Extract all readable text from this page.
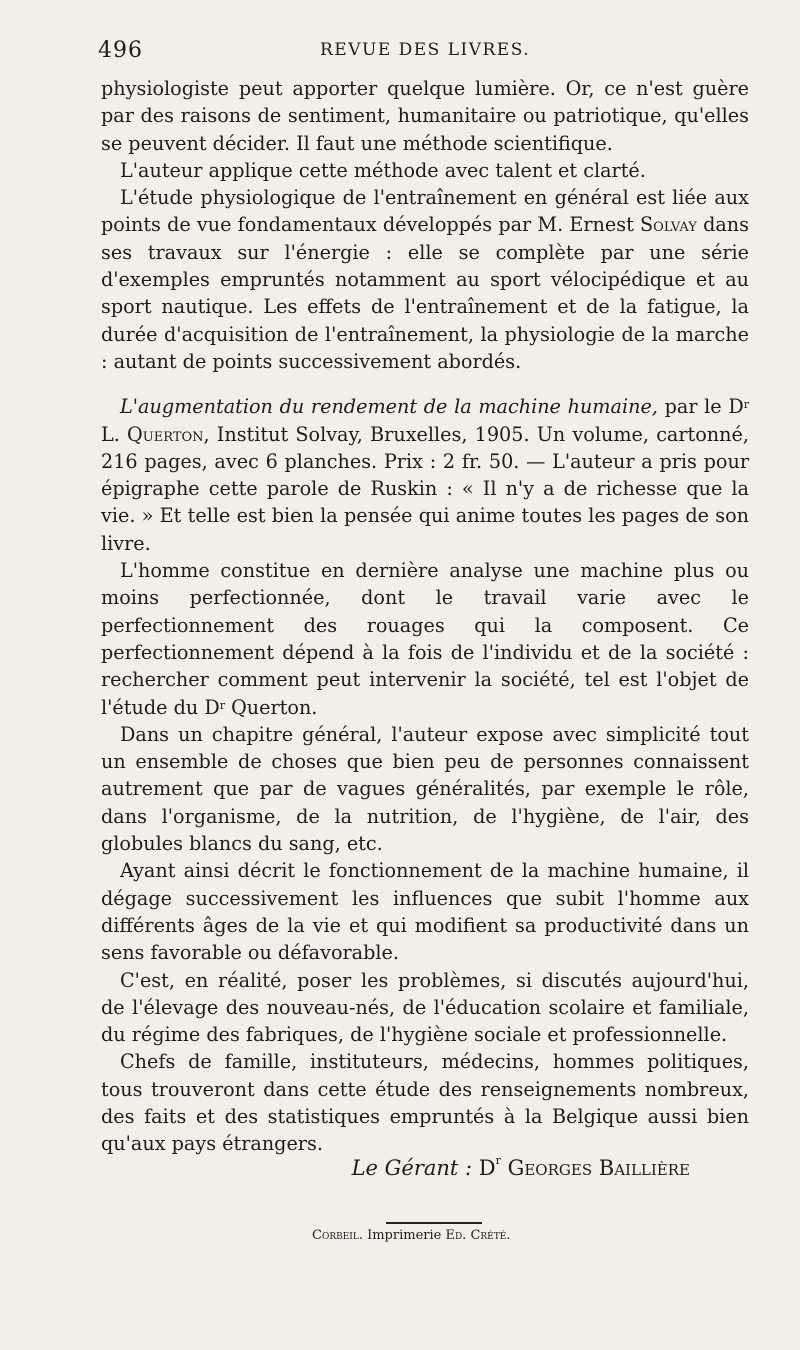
496	REVUE DES LIVRES.

physiologiste peut apporter quelque lumière. Or, ce n'est guère par des raisons de sentiment, humanitaire ou patriotique, qu'elles se peuvent décider. Il faut une méthode scientifique.

L'auteur applique cette méthode avec talent et clarté.

L'étude physiologique de l'entraînement en général est liée aux points de vue fondamentaux développés par M. Ernest Solvay dans ses travaux sur l'énergie : elle se complète par une série d'exemples empruntés notamment au sport vélocipédique et au sport nautique. Les effets de l'entraînement et de la fatigue, la durée d'acquisition de l'entraînement, la physiologie de la marche : autant de points successivement abordés.

L'augmentation du rendement de la machine humaine, par le $D^r$ L. Querton, Institut Solvay, Bruxelles, 1905. Un volume, cartonné, 216 pages, avec 6 planches. Prix : 2 fr. 50. — L'auteur a pris pour épigraphe cette parole de Ruskin : « Il n'y a de richesse que la vie. » Et telle est bien la pensée qui anime toutes les pages de son livre.

L'homme constitue en dernière analyse une machine plus ou moins perfectionnée, dont le travail varie avec le perfectionnement des rouages qui la composent. Ce perfectionnement dépend à la fois de l'individu et de la société : rechercher comment peut intervenir la société, tel est l'objet de l'étude du $D^r$ Querton.

Dans un chapitre général, l'auteur expose avec simplicité tout un ensemble de choses que bien peu de personnes connaissent autrement que par de vagues généralités, par exemple le rôle, dans l'organisme, de la nutrition, de l'hygiène, de l'air, des globules blancs du sang, etc.

Ayant ainsi décrit le fonctionnement de la machine humaine, il dégage successivement les influences que subit l'homme aux différents âges de la vie et qui modifient sa productivité dans un sens favorable ou défavorable.

C'est, en réalité, poser les problèmes, si discutés aujourd'hui, de l'élevage des nouveau-nés, de l'éducation scolaire et familiale, du régime des fabriques, de l'hygiène sociale et professionnelle.

Chefs de famille, instituteurs, médecins, hommes politiques, tous trouveront dans cette étude des renseignements nombreux, des faits et des statistiques empruntés à la Belgique aussi bien qu'aux pays étrangers.

Le Gérant : $D^r$ Georges Baillière
Corbeil. Imprimerie Ed. Crété.
